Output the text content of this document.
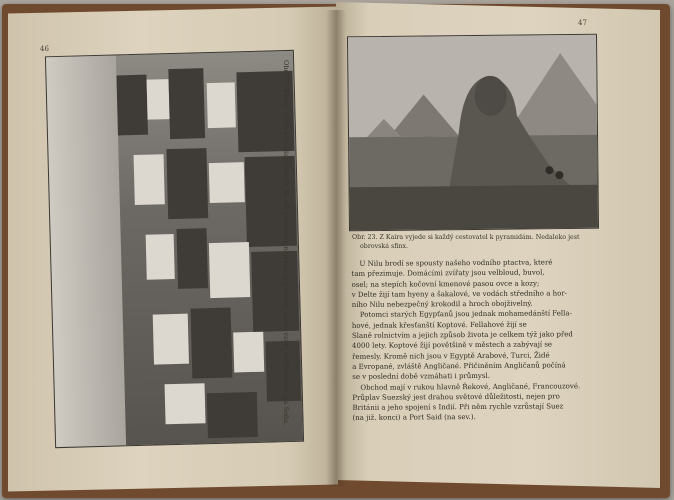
46
47
Obr. 22. Kaáro: vpravo citadela (hrad), do níž vystavěno nejkrásnější mešita podle vzoru cařihradské Aja Sofia.	Obr. 23. Z Kaira vyjede si každý cestovatel k pyramidám. Nedaleko jest
obrovská sfinx.

U Nilu brodí se spousty našeho vodního ptactva, které

tam přezimuje. Domácími zvířaty jsou velbloud, buvol,

osel; na stepích kočovní kmenové pasou ovce a kozy;

v Delte žijí tam hyeny a šakalové, ve vodách středního a hor-

ního Nilu nebezpečný krokodil a hroch obojživelný.

Potomci starých Egypťanů jsou jednak mohamedánští Fella-

hové, jednak křesťanští Koptové. Fellahové žijí se

Slaně rolnictvím a jejich způsob života je celkem týž jako před

4000 lety. Koptové žijí povětšině v městech a zabývají se

řemesly. Kromě nich jsou v Egyptě Arabové, Turci, Židé

a Evropané, zvláště Angličané. Přičiněním Angličanů počíná

se v poslední době vzmáhati i průmysl.

Obchod mají v rukou hlavně Řekové, Angličané, Francouzové.

Průplav Suezský jest drahou světové důležitosti, nejen pro

Británii a jeho spojení s Indií. Při něm rychle vzrůstají Suez

(na již. konci) a Port Said (na sev.).
